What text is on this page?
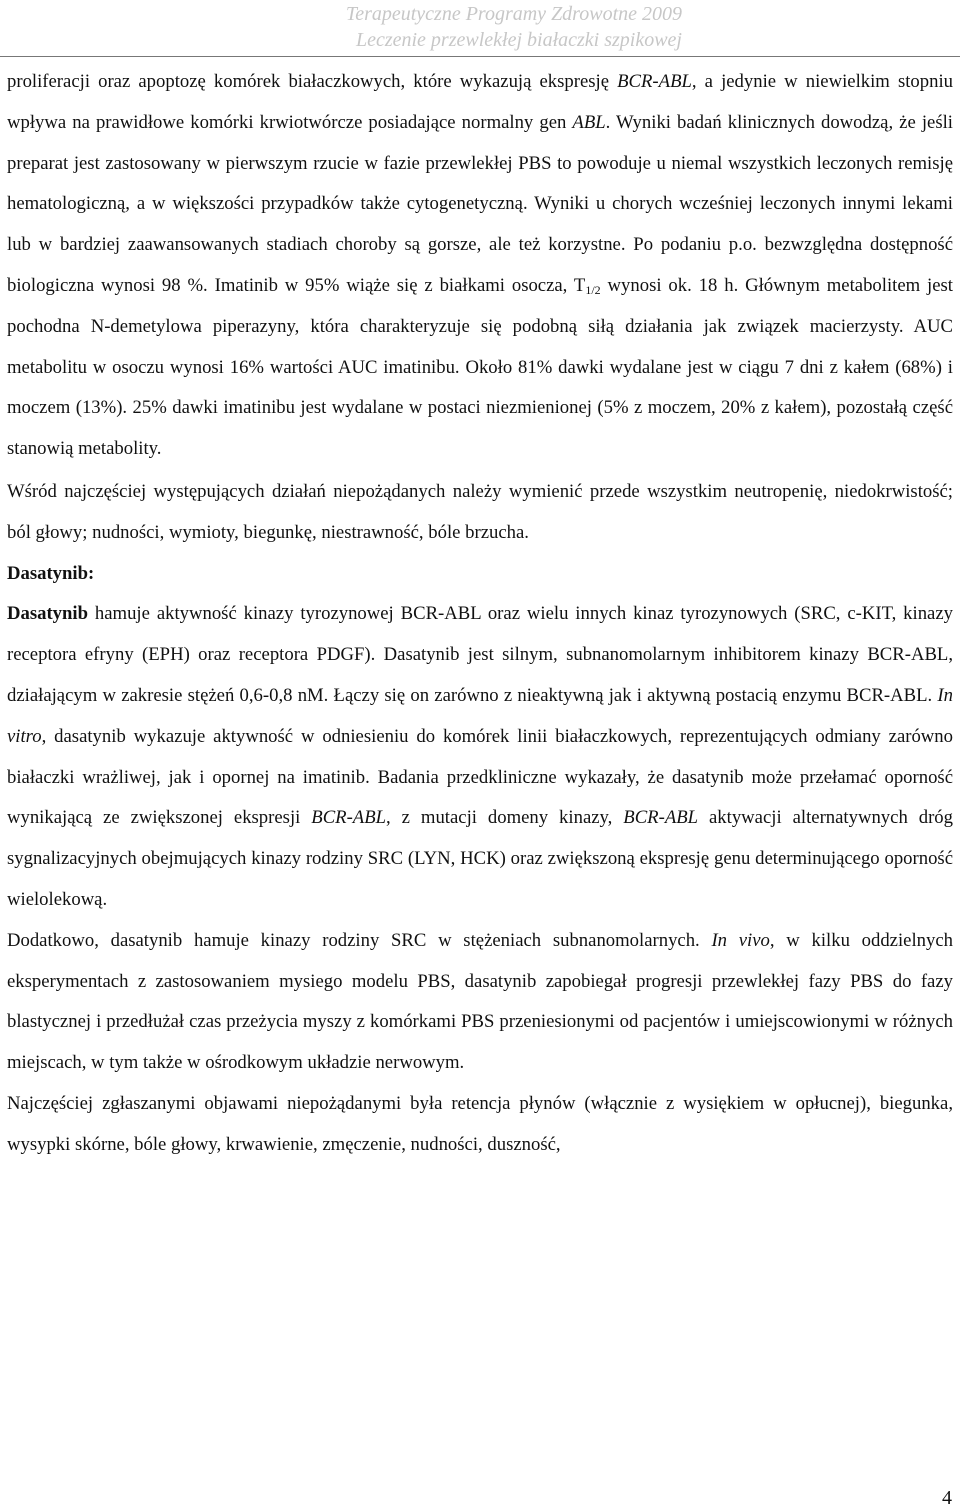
Terapeutyczne Programy Zdrowotne 2009
Leczenie przewlekłej białaczki szpikowej

proliferacji oraz apoptozę komórek białaczkowych, które wykazują ekspresję BCR-ABL, a jedynie w niewielkim stopniu wpływa na prawidłowe komórki krwiotwórcze posiadające normalny gen ABL. Wyniki badań klinicznych dowodzą, że jeśli preparat jest zastosowany w pierwszym rzucie w fazie przewlekłej PBS to powoduje u niemal wszystkich leczonych remisję hematologiczną, a w większości przypadków także cytogenetyczną. Wyniki u chorych wcześniej leczonych innymi lekami lub w bardziej zaawansowanych stadiach choroby są gorsze, ale też korzystne. Po podaniu p.o. bezwzględna dostępność biologiczna wynosi 98 %. Imatinib w 95% wiąże się z białkami osocza, $T_{1/2}$ wynosi ok. 18 h. Głównym metabolitem jest pochodna N-demetylowa piperazyny, która charakteryzuje się podobną siłą działania jak związek macierzysty. AUC metabolitu w osoczu wynosi 16% wartości AUC imatinibu. Około 81% dawki wydalane jest w ciągu 7 dni z kałem (68%) i moczem (13%). 25% dawki imatinibu jest wydalane w postaci niezmienionej (5% z moczem, 20% z kałem), pozostałą część stanowią metabolity.

Wśród najczęściej występujących działań niepożądanych należy wymienić przede wszystkim neutropenię, niedokrwistość; ból głowy; nudności, wymioty, biegunkę, niestrawność, bóle brzucha.

Dasatynib:

Dasatynib hamuje aktywność kinazy tyrozynowej BCR-ABL oraz wielu innych kinaz tyrozynowych (SRC, c-KIT, kinazy receptora efryny (EPH) oraz receptora PDGF). Dasatynib jest silnym, subnanomolarnym inhibitorem kinazy BCR-ABL, działającym w zakresie stężeń 0,6-0,8 nM. Łączy się on zarówno z nieaktywną jak i aktywną postacią enzymu BCR-ABL. In vitro, dasatynib wykazuje aktywność w odniesieniu do komórek linii białaczkowych, reprezentujących odmiany zarówno białaczki wrażliwej, jak i opornej na imatinib. Badania przedkliniczne wykazały, że dasatynib może przełamać oporność wynikającą ze zwiększonej ekspresji BCR-ABL, z mutacji domeny kinazy, BCR-ABL aktywacji alternatywnych dróg sygnalizacyjnych obejmujących kinazy rodziny SRC (LYN, HCK) oraz zwiększoną ekspresję genu determinującego oporność wielolekową.

Dodatkowo, dasatynib hamuje kinazy rodziny SRC w stężeniach subnanomolarnych. In vivo, w kilku oddzielnych eksperymentach z zastosowaniem mysiego modelu PBS, dasatynib zapobiegał progresji przewlekłej fazy PBS do fazy blastycznej i przedłużał czas przeżycia myszy z komórkami PBS przeniesionymi od pacjentów i umiejscowionymi w różnych miejscach, w tym także w ośrodkowym układzie nerwowym.

Najczęściej zgłaszanymi objawami niepożądanymi była retencja płynów (włącznie z wysiękiem w opłucnej), biegunka, wysypki skórne, bóle głowy, krwawienie, zmęczenie, nudności, duszność,

4
